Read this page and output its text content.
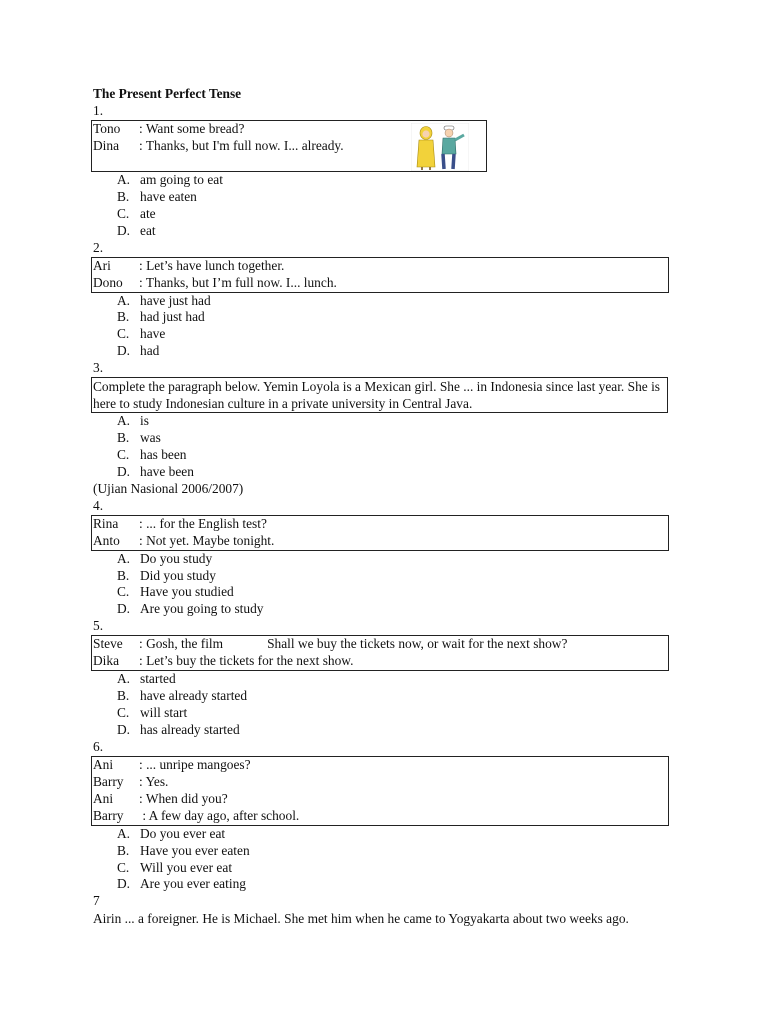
The Present Perfect Tense
1.
Tono : Want some bread?
Dina : Thanks, but I'm full now. I... already.
A. am going to eat
B. have eaten
C. ate
D. eat
2.
Ari : Let’s have lunch together.
Dono : Thanks, but I’m full now. I... lunch.
A. have just had
B. had just had
C. have
D. had
3.
Complete the paragraph below. Yemin Loyola is a Mexican girl. She ... in Indonesia since last year. She is here to study Indonesian culture in a private university in Central Java.
A. is
B. was
C. has been
D. have been
(Ujian Nasional 2006/2007)
4.
Rina : ... for the English test?
Anto : Not yet. Maybe tonight.
A. Do you study
B. Did you study
C. Have you studied
D. Are you going to study
5.
Steve : Gosh, the film	Shall we buy the tickets now, or wait for the next show?
Dika : Let’s buy the tickets for the next show.
A. started
B. have already started
C. will start
D. has already started
6.
Ani : ... unripe mangoes?
Barry : Yes.
Ani : When did you?
Barry : A few day ago, after school.
A. Do you ever eat
B. Have you ever eaten
C. Will you ever eat
D. Are you ever eating
7
Airin ... a foreigner. He is Michael. She met him when he came to Yogyakarta about two weeks ago.
